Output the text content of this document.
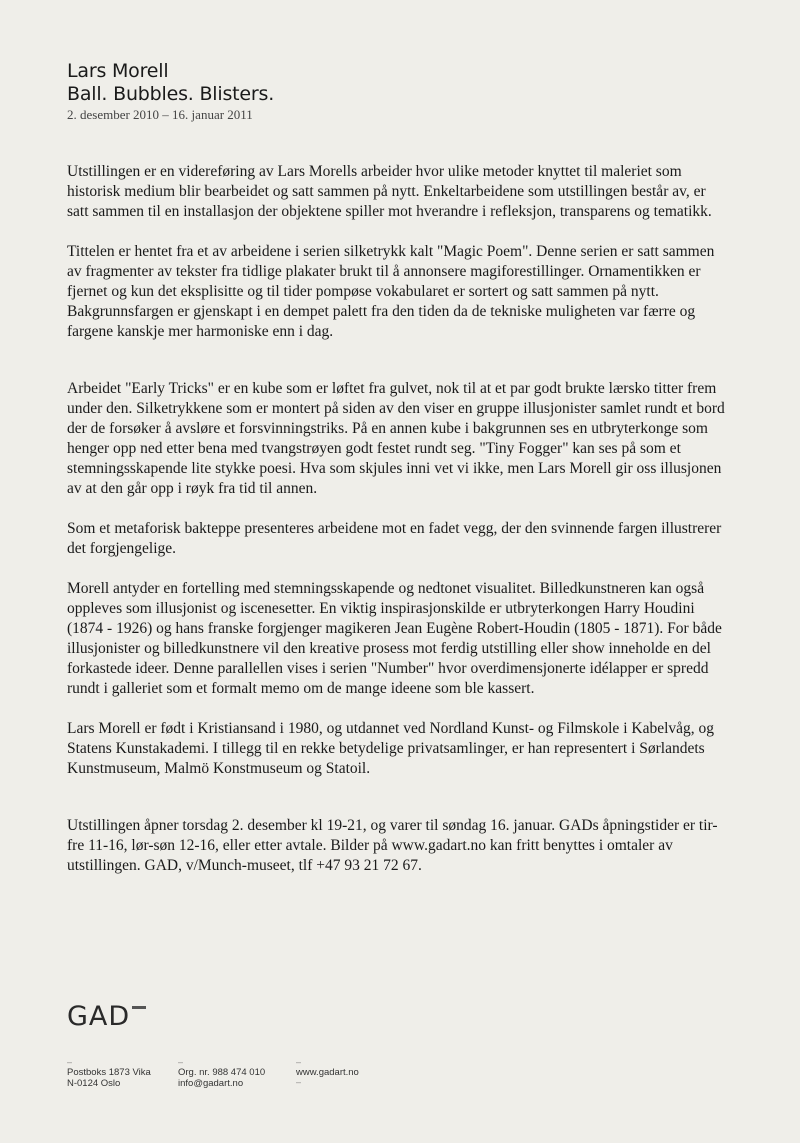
Lars Morell
Ball. Bubbles. Blisters.
2. desember 2010 – 16. januar 2011

Utstillingen er en videreføring av Lars Morells arbeider hvor ulike metoder knyttet til maleriet som historisk medium blir bearbeidet og satt sammen på nytt. Enkeltarbeidene som utstillingen består av, er satt sammen til en installasjon der objektene spiller mot hverandre i refleksjon, transparens og tematikk.

Tittelen er hentet fra et av arbeidene i serien silketrykk kalt "Magic Poem". Denne serien er satt sammen av fragmenter av tekster fra tidlige plakater brukt til å annonsere magiforestillinger. Ornamentikken er fjernet og kun det eksplisitte og til tider pompøse vokabularet er sortert og satt sammen på nytt. Bakgrunnsfargen er gjenskapt i en dempet palett fra den tiden da de tekniske muligheten var færre og fargene kanskje mer harmoniske enn i dag.

Arbeidet "Early Tricks" er en kube som er løftet fra gulvet, nok til at et par godt brukte lærsko titter frem under den. Silketrykkene som er montert på siden av den viser en gruppe illusjonister samlet rundt et bord der de forsøker å avsløre et forsvinningstriks. På en annen kube i bakgrunnen ses en utbryterkonge som henger opp ned etter bena med tvangstrøyen godt festet rundt seg. "Tiny Fogger" kan ses på som et stemningsskapende lite stykke poesi. Hva som skjules inni vet vi ikke, men Lars Morell gir oss illusjonen av at den går opp i røyk fra tid til annen.

Som et metaforisk bakteppe presenteres arbeidene mot en fadet vegg, der den svinnende fargen illustrerer det forgjengelige.

Morell antyder en fortelling med stemningsskapende og nedtonet visualitet. Billedkunstneren kan også oppleves som illusjonist og iscenesetter. En viktig inspirasjonskilde er utbryterkongen Harry Houdini (1874 - 1926) og hans franske forgjenger magikeren Jean Eugène Robert-Houdin (1805 - 1871). For både illusjonister og billedkunstnere vil den kreative prosess mot ferdig utstilling eller show inneholde en del forkastede ideer. Denne parallellen vises i serien "Number" hvor overdimensjonerte idélapper er spredd rundt i galleriet som et formalt memo om de mange ideene som ble kassert.

Lars Morell er født i Kristiansand i 1980, og utdannet ved Nordland Kunst- og Filmskole i Kabelvåg, og Statens Kunstakademi. I tillegg til en rekke betydelige privatsamlinger, er han representert i Sørlandets Kunstmuseum, Malmö Konstmuseum og Statoil.

Utstillingen åpner torsdag 2. desember kl 19-21, og varer til søndag 16. januar. GADs åpningstider er tir-fre 11-16, lør-søn 12-16, eller etter avtale. Bilder på www.gadart.no kan fritt benyttes i omtaler av utstillingen. GAD, v/Munch-museet, tlf +47 93 21 72 67.

GAD
–
Postboks 1873 Vika
N-0124 Oslo
–
Org. nr. 988 474 010
info@gadart.no
–
www.gadart.no
–
